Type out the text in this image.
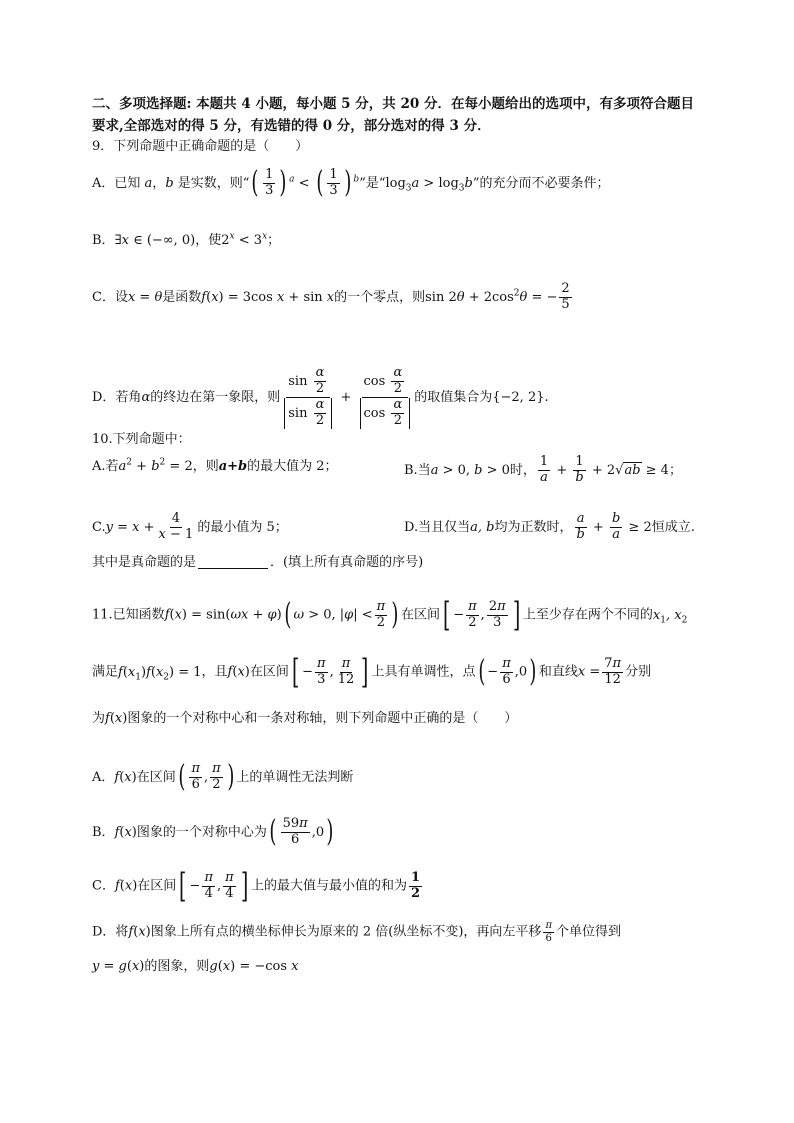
二、多项选择题: 本题共 4 小题，每小题 5 分，共 20 分．在每小题给出的选项中，有多项符合题目
要求,全部选对的得 5 分，有选错的得 0 分，部分选对的得 3 分．
9．下列命题中正确命题的是（　　）
A．已知 a，b 是实数，则“( $\frac{1}{3}$ ) $^a$ < ( $\frac{1}{3}$ ) $^b$”是“$\log_3a > \log_3b$”的充分而不必要条件；
B．∃x ∈ (−∞, 0)，使$2^x < 3^x$；
C．设x = θ是函数f(x) = 3cos x + sin x的一个零点，则$\sin 2\theta + 2\cos^2\theta$ = − $\frac{2}{5}$
D．若角α的终边在第一象限，则 $\frac{\sin \frac{\alpha}{2}}{\sin \frac{\alpha}{2}} + \frac{\cos \frac{\alpha}{2}}{\cos \frac{\alpha}{2}}$ 的取值集合为{−2, 2}.
10.下列命题中：
A.若$a^2 + b^2 = 2$，则a+b的最大值为 2；	B.当a > 0, b > 0时， $\frac{1}{a} + \frac{1}{b} + 2√ab \ge 4$；
$C.y = x + \frac{4}{x - 1}$ 的最小值为 5；	D.当且仅当a, b均为正数时， $\frac{a}{b} + \frac{b}{a} \ge 2$恒成立.
其中是真命题的是	．(填上所有真命题的序号)
11.已知函数f(x) = sin(ωx + φ)( ω > 0, $|\varphi| < \frac{\pi}{2}$ ) 在区间[ − $\frac{\pi}{2}$ , $\frac{2\pi}{3}$ ] 上至少存在两个不同的$x_1$, $x_2$
满足$f(x_1)f(x_2) = 1$，且f(x)在区间[ − $\frac{\pi}{3}$ , $\frac{\pi}{12}$ ] 上具有单调性，点( − $\frac{\pi}{6} ,0$) 和直线$x = \frac{7\pi}{12}$ 分别
为f(x)图象的一个对称中心和一条对称轴，则下列命题中正确的是（　　）
A．f(x)在区间( $\frac{\pi}{6}$ , $\frac{\pi}{2}$ ) 上的单调性无法判断
B．f(x)图象的一个对称中心为( $\frac{59\pi}{6} ,0$)
C．f(x)在区间[ − $\frac{\pi}{4}$ , $\frac{\pi}{4}$ ] 上的最大值与最小值的和为 $\frac{1}{2}$
D．将f(x)图象上所有点的横坐标伸长为原来的 2 倍(纵坐标不变)，再向左平移 $\frac{\pi}{6}$ 个单位得到
y = g(x)的图象，则g(x) = −cos x
